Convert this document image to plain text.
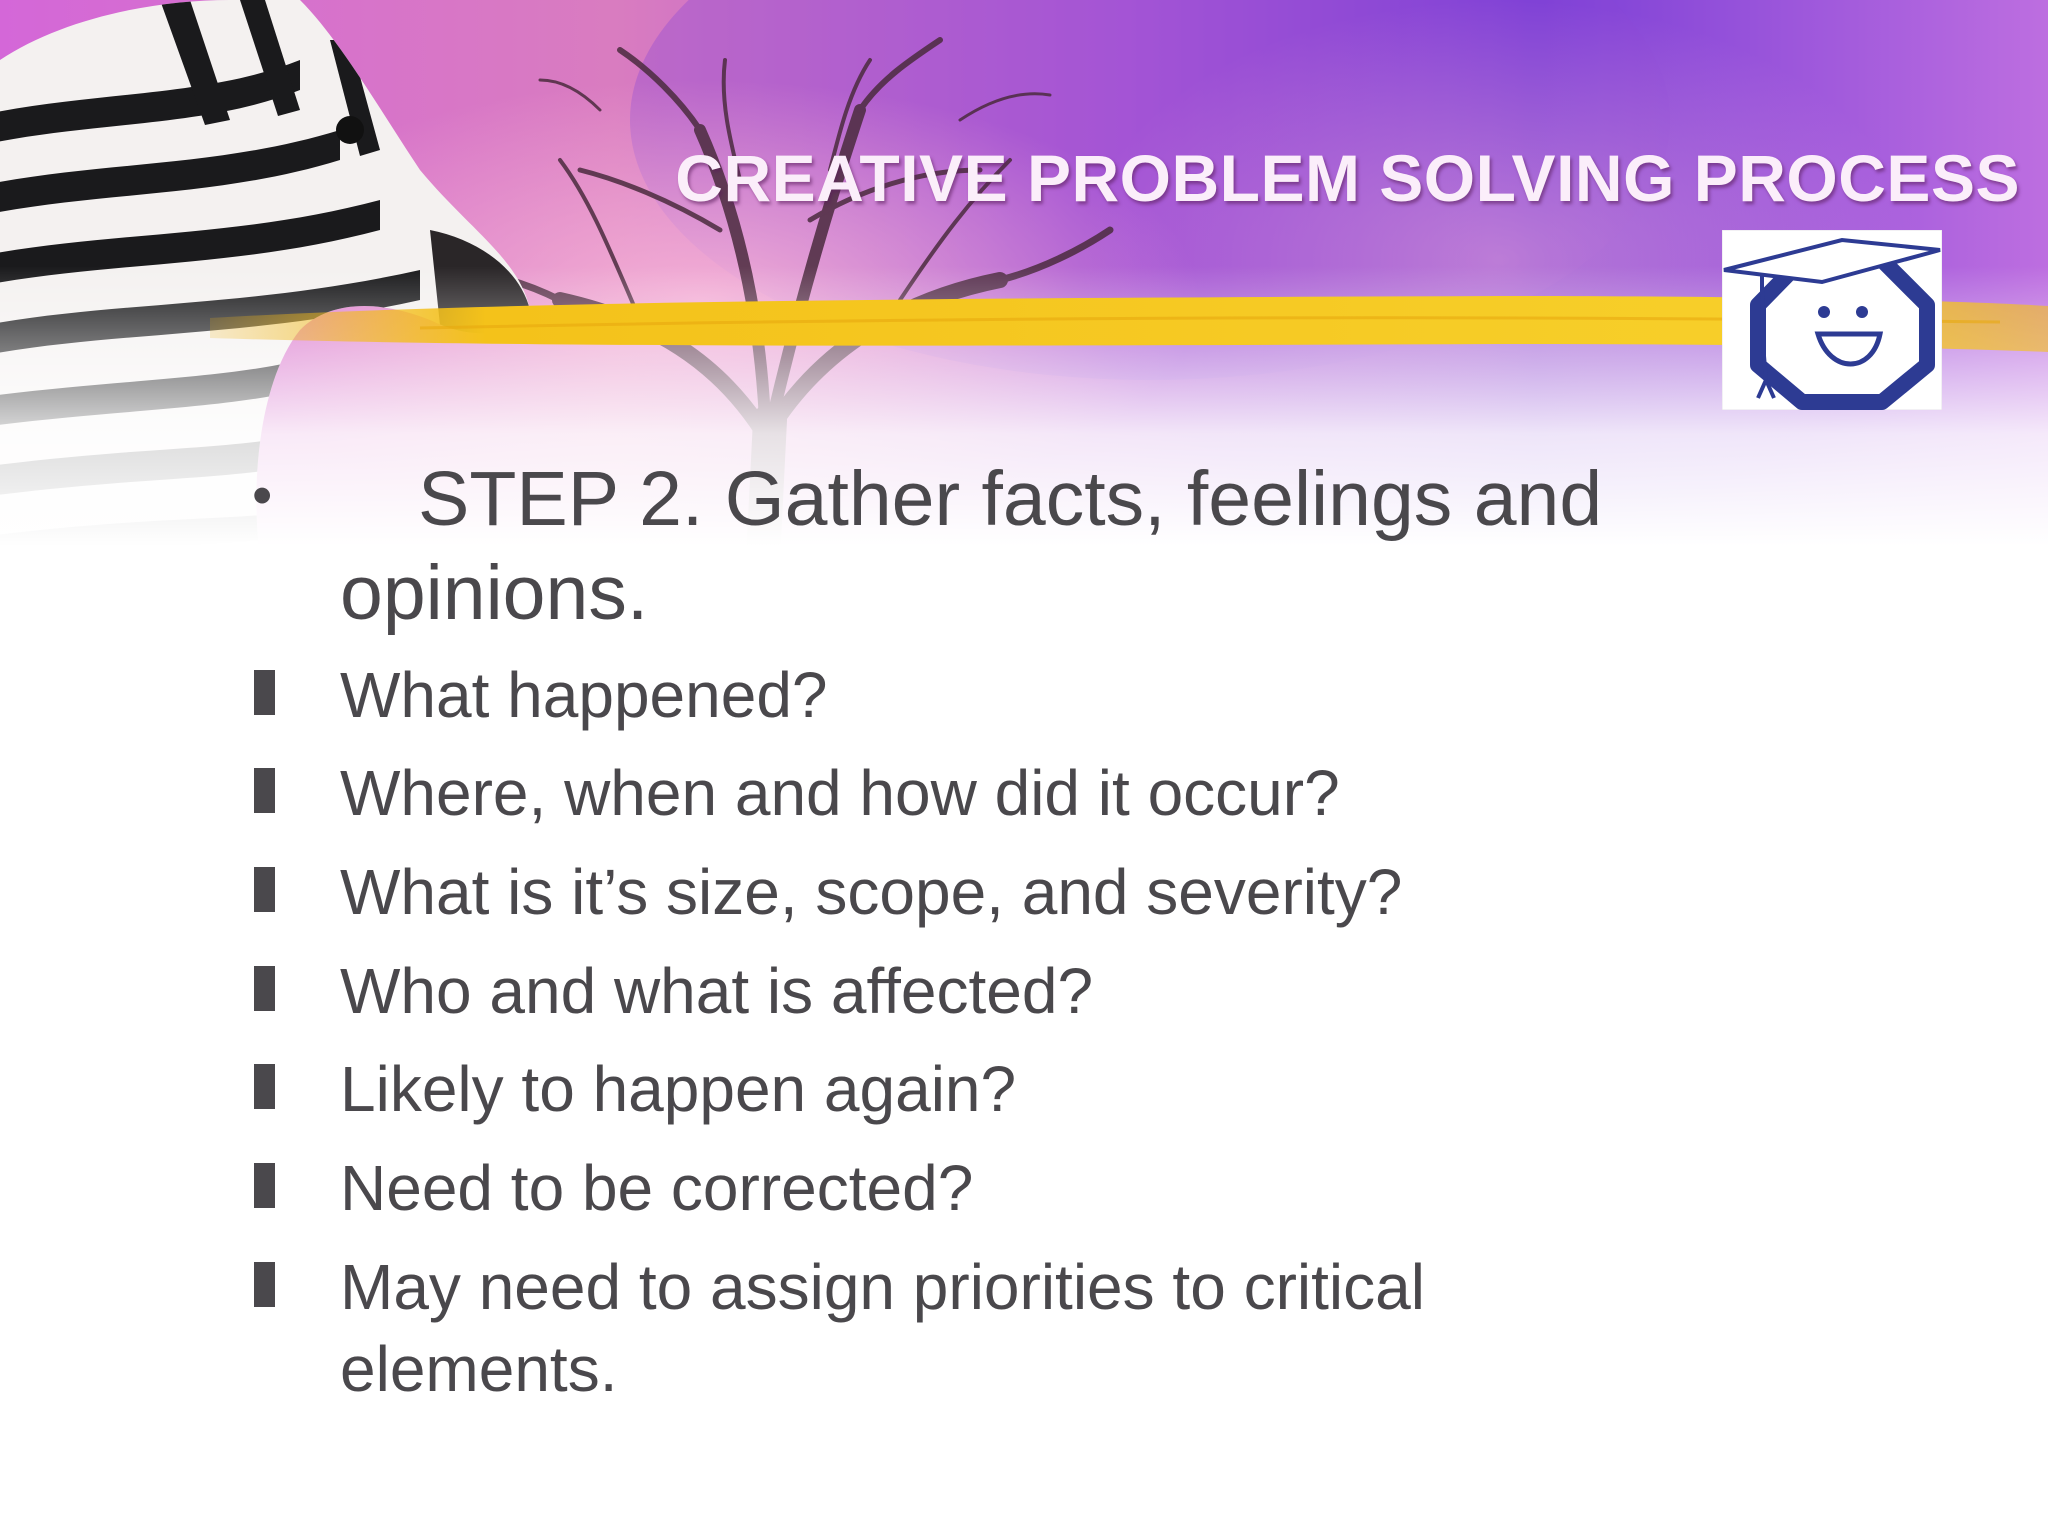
CREATIVE PROBLEM SOLVING PROCESS
•	STEP 2. Gather facts, feelings and opinions.

What happened?

Where, when and how did it occur?

What is it’s size, scope, and severity?

Who and what is affected?

Likely to happen again?

Need to be corrected?

May need to assign priorities to critical elements.
